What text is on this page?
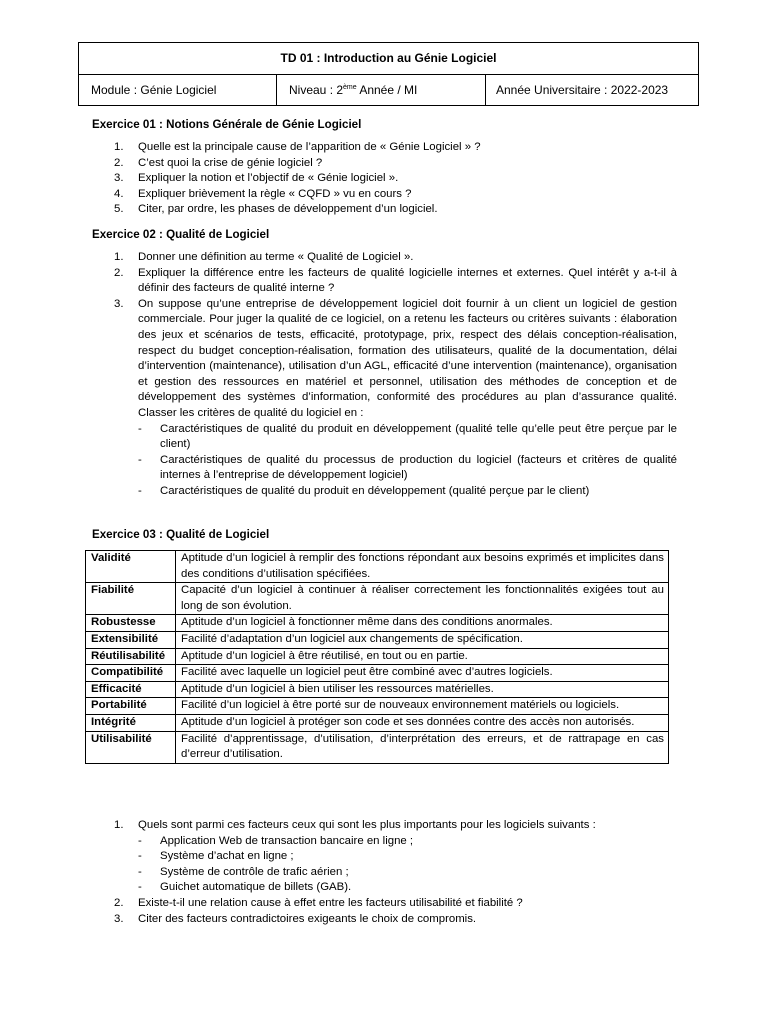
TD 01 : Introduction au Génie Logiciel
Module : Génie Logiciel	Niveau : 2ème Année / MI	Année Universitaire : 2022-2023
Exercice 01 : Notions Générale de Génie Logiciel
1. Quelle est la principale cause de l’apparition de « Génie Logiciel » ?
2. C’est quoi la crise de génie logiciel ?
3. Expliquer la notion et l’objectif de « Génie logiciel ».
4. Expliquer brièvement la règle « CQFD » vu en cours ?
5. Citer, par ordre, les phases de développement d’un logiciel.
Exercice 02 : Qualité de Logiciel
1. Donner une définition au terme « Qualité de Logiciel ».
2. Expliquer la différence entre les facteurs de qualité logicielle internes et externes. Quel intérêt y a-t-il à définir des facteurs de qualité interne ?
3. On suppose qu’une entreprise de développement logiciel doit fournir à un client un logiciel de gestion commerciale. Pour juger la qualité de ce logiciel, on a retenu les facteurs ou critères suivants : élaboration des jeux et scénarios de tests, efficacité, prototypage, prix, respect des délais conception-réalisation, respect du budget conception-réalisation, formation des utilisateurs, qualité de la documentation, délai d’intervention (maintenance), utilisation d’un AGL, efficacité d’une intervention (maintenance), organisation et gestion des ressources en matériel et personnel, utilisation des méthodes de conception et de développement des systèmes d’information, conformité des procédures au plan d’assurance qualité. Classer les critères de qualité du logiciel en :
- Caractéristiques de qualité du produit en développement (qualité telle qu’elle peut être perçue par le client)
- Caractéristiques de qualité du processus de production du logiciel (facteurs et critères de qualité internes à l’entreprise de développement logiciel)
- Caractéristiques de qualité du produit en développement (qualité perçue par le client)
Exercice 03 : Qualité de Logiciel
Validité	Aptitude d’un logiciel à remplir des fonctions répondant aux besoins exprimés et implicites dans des conditions d’utilisation spécifiées.
Fiabilité	Capacité d’un logiciel à continuer à réaliser correctement les fonctionnalités exigées tout au long de son évolution.
Robustesse	Aptitude d’un logiciel à fonctionner même dans des conditions anormales.
Extensibilité	Facilité d’adaptation d’un logiciel aux changements de spécification.
Réutilisabilité	Aptitude d’un logiciel à être réutilisé, en tout ou en partie.
Compatibilité	Facilité avec laquelle un logiciel peut être combiné avec d’autres logiciels.
Efficacité	Aptitude d’un logiciel à bien utiliser les ressources matérielles.
Portabilité	Facilité d’un logiciel à être porté sur de nouveaux environnement matériels ou logiciels.
Intégrité	Aptitude d’un logiciel à protéger son code et ses données contre des accès non autorisés.
Utilisabilité	Facilité d’apprentissage, d’utilisation, d’interprétation des erreurs, et de rattrapage en cas d’erreur d’utilisation.
1. Quels sont parmi ces facteurs ceux qui sont les plus importants pour les logiciels suivants :
- Application Web de transaction bancaire en ligne ;
- Système d’achat en ligne ;
- Système de contrôle de trafic aérien ;
- Guichet automatique de billets (GAB).
2. Existe-t-il une relation cause à effet entre les facteurs utilisabilité et fiabilité ?
3. Citer des facteurs contradictoires exigeants le choix de compromis.
